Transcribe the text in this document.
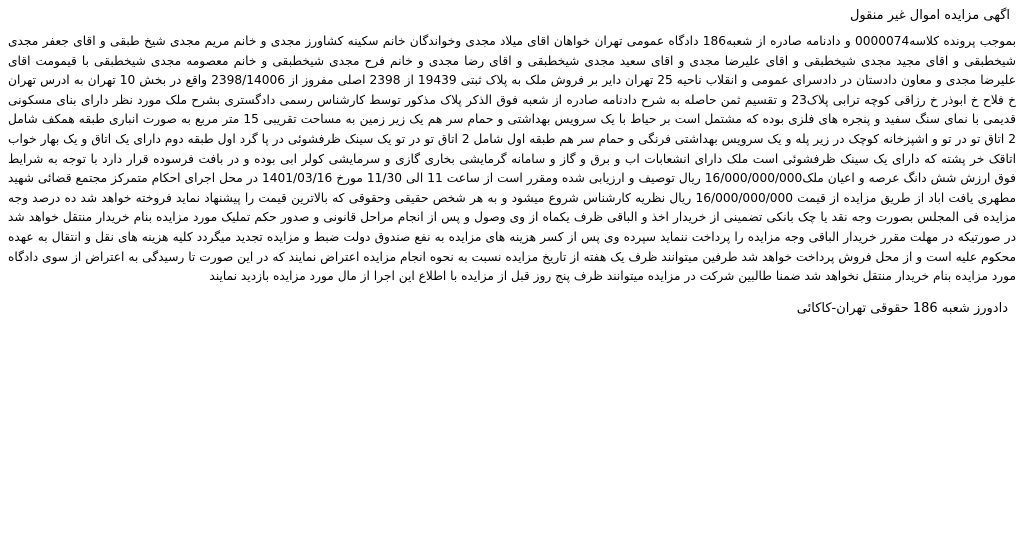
اگهی مزایده اموال غیر منقول

بموجب پرونده کلاسه0000074 و دادنامه صادره از شعبه186 دادگاه عمومی تهران خواهان اقای میلاد مجدی وخواندگان خانم سکینه کشاورز مجدی و خانم مریم مجدی شیخ طبقی و اقای جعفر مجدی شیخطبقی و اقای مجید مجدی شیخطبقی و اقای علیرضا مجدی و اقای سعید مجدی شیخطبقی و اقای رضا مجدی و خانم فرح مجدی شیخطبقی و خانم معصومه مجدی شیخطبقی با قیمومت اقای علیرضا مجدی و معاون دادستان در دادسرای عمومی و انقلاب ناحیه 25 تهران دایر بر فروش ملک به پلاک ثبتی 19439 از 2398 اصلی مفروز از 2398/14006 واقع در بخش 10 تهران به ادرس تهران خ فلاح خ ابوذر خ رزاقی کوچه ترابی پلاک23 و تقسیم ثمن حاصله به شرح دادنامه صادره از شعبه فوق الذکر پلاک مذکور توسط کارشناس رسمی دادگستری بشرح ملک مورد نظر دارای بنای مسکونی قدیمی با نمای سنگ سفید و پنجره های فلزی بوده که مشتمل است بر حیاط با یک سرویس بهداشتی و حمام سر هم یک زیر زمین به مساحت تقریبی 15 متر مربع به صورت انباری طبقه همکف شامل 2 اتاق تو در تو و اشپزخانه کوچک در زیر پله و یک سرویس بهداشتی فرنگی و حمام سر هم طبقه اول شامل 2 اتاق تو در تو یک سینک ظرفشوئی در پا گرد اول طبقه دوم دارای یک اتاق و یک بهار خواب اتاقک خر پشته که دارای یک سینک ظرفشوئی است ملک دارای انشعابات اب و برق و گاز و سامانه گرمایشی بخاری گازی و سرمایشی کولر ابی بوده و در بافت فرسوده قرار دارد با توجه به شرایط فوق ارزش شش دانگ عرصه و اعیان ملک16/000/000/000 ریال توصیف و ارزیابی شده ومقرر است از ساعت 11 الی 11/30 مورخ 1401/03/16 در محل اجرای احکام متمرکز مجتمع قضائی شهید مطهری یافت اباد از طریق مزایده از قیمت 16/000/000/000 ریال نظریه کارشناس شروع میشود و به هر شخص حقیقی وحقوقی که بالاترین قیمت را پیشنهاد نماید فروخته خواهد شد ده درصد وجه مزایده فی المجلس بصورت وجه نقد یا چک بانکی تضمینی از خریدار اخذ و الباقی ظرف یکماه از وی وصول و پس از انجام مراحل قانونی و صدور حکم تملیک مورد مزایده بنام خریدار منتقل خواهد شد در صورتیکه در مهلت مقرر خریدار الباقی وجه مزایده را پرداخت ننماید سپرده وی پس از کسر هزینه های مزایده به نفع صندوق دولت ضبط و مزایده تجدید میگردد کلیه هزینه های نقل و انتقال به عهده محکوم علیه است و از محل فروش پرداخت خواهد شد طرفین میتوانند ظرف یک هفته از تاریخ مزایده نسبت به نحوه انجام مزایده اعتراض نمایند که در این صورت تا رسیدگی به اعتراض از سوی دادگاه مورد مزایده بنام خریدار منتقل نخواهد شد ضمنا طالبین شرکت در مزایده میتوانند ظرف پنج روز قبل از مزایده با اطلاع این اجرا از مال مورد مزایده بازدید نمایند

دادورز شعبه 186 حقوقی تهران-کاکائی
